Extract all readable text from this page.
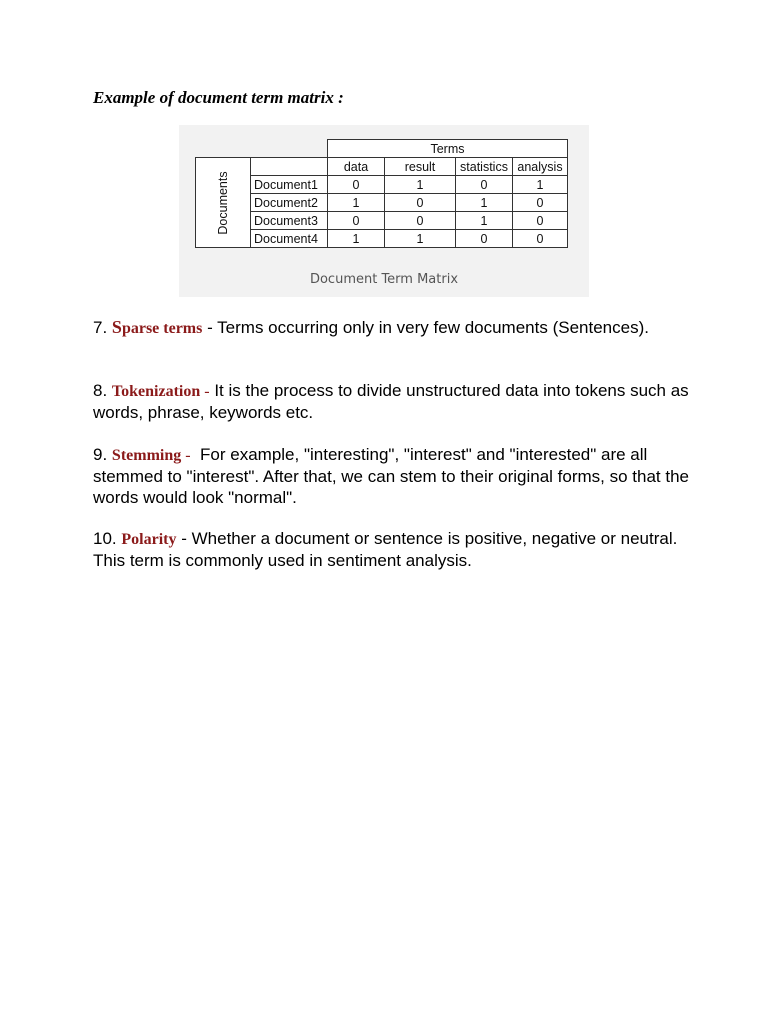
Example of document term matrix :
		Terms			

Documents		data	result	statistics	analysis
	Document1	0	1	0	1
	Document2	1	0	1	0
	Document3	0	0	1	0
	Document4	1	1	0	0
Document Term Matrix
7. Sparse terms - Terms occurring only in very few documents (Sentences).
8. Tokenization - It is the process to divide unstructured data into tokens such as words, phrase, keywords etc.
9. Stemming - For example, "interesting", "interest" and "interested" are all stemmed to "interest". After that, we can stem to their original forms, so that the words would look "normal".
10. Polarity - Whether a document or sentence is positive, negative or neutral. This term is commonly used in sentiment analysis.
